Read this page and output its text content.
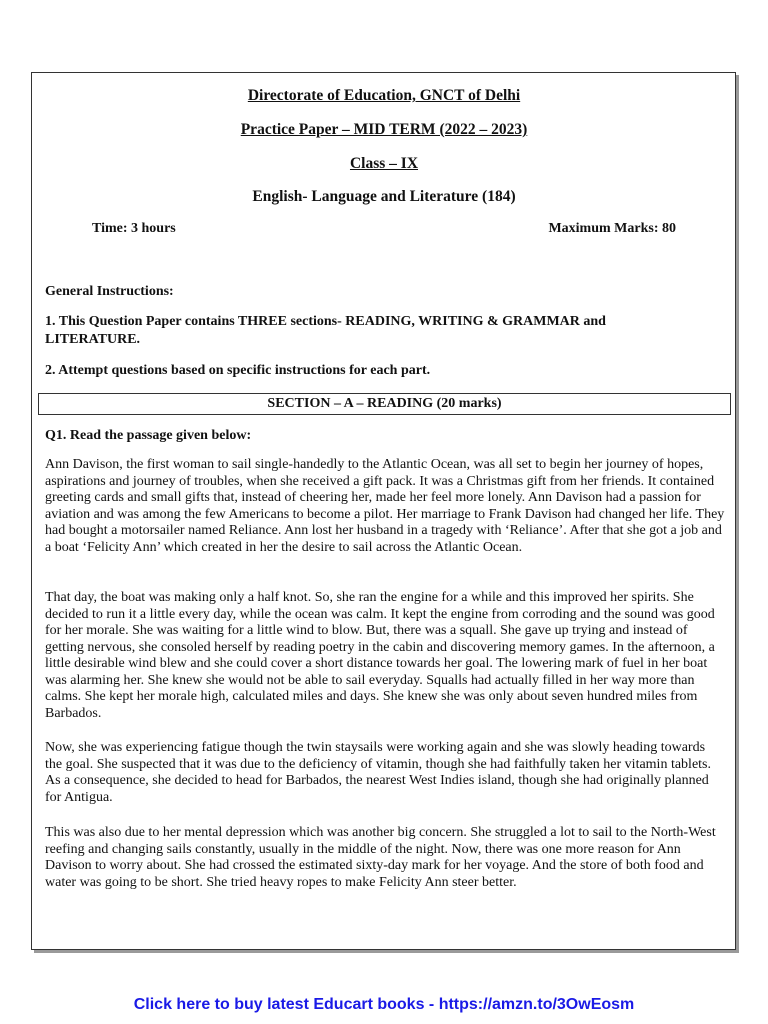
Directorate of Education, GNCT of Delhi
Practice Paper – MID TERM (2022 – 2023)
Class – IX
English- Language and Literature (184)
Time: 3 hours	Maximum Marks: 80
General Instructions:
1. This Question Paper contains THREE sections- READING, WRITING & GRAMMAR and LITERATURE.
2. Attempt questions based on specific instructions for each part.
SECTION – A – READING (20 marks)
Q1. Read the passage given below:

Ann Davison, the first woman to sail single-handedly to the Atlantic Ocean, was all set to begin her journey of hopes, aspirations and journey of troubles, when she received a gift pack. It was a Christmas gift from her friends. It contained greeting cards and small gifts that, instead of cheering her, made her feel more lonely. Ann Davison had a passion for aviation and was among the few Americans to become a pilot. Her marriage to Frank Davison had changed her life. They had bought a motorsailer named Reliance. Ann lost her husband in a tragedy with ‘Reliance’. After that she got a job and a boat ‘Felicity Ann’ which created in her the desire to sail across the Atlantic Ocean.

That day, the boat was making only a half knot. So, she ran the engine for a while and this improved her spirits. She decided to run it a little every day, while the ocean was calm. It kept the engine from corroding and the sound was good for her morale. She was waiting for a little wind to blow. But, there was a squall. She gave up trying and instead of getting nervous, she consoled herself by reading poetry in the cabin and discovering memory games. In the afternoon, a little desirable wind blew and she could cover a short distance towards her goal. The lowering mark of fuel in her boat was alarming her. She knew she would not be able to sail everyday. Squalls had actually filled in her way more than calms. She kept her morale high, calculated miles and days. She knew she was only about seven hundred miles from Barbados.

Now, she was experiencing fatigue though the twin staysails were working again and she was slowly heading towards the goal. She suspected that it was due to the deficiency of vitamin, though she had faithfully taken her vitamin tablets. As a consequence, she decided to head for Barbados, the nearest West Indies island, though she had originally planned for Antigua.

This was also due to her mental depression which was another big concern. She struggled a lot to sail to the North-West reefing and changing sails constantly, usually in the middle of the night. Now, there was one more reason for Ann Davison to worry about. She had crossed the estimated sixty-day mark for her voyage. And the store of both food and water was going to be short. She tried heavy ropes to make Felicity Ann steer better.

Click here to buy latest Educart books - https://amzn.to/3OwEosm
